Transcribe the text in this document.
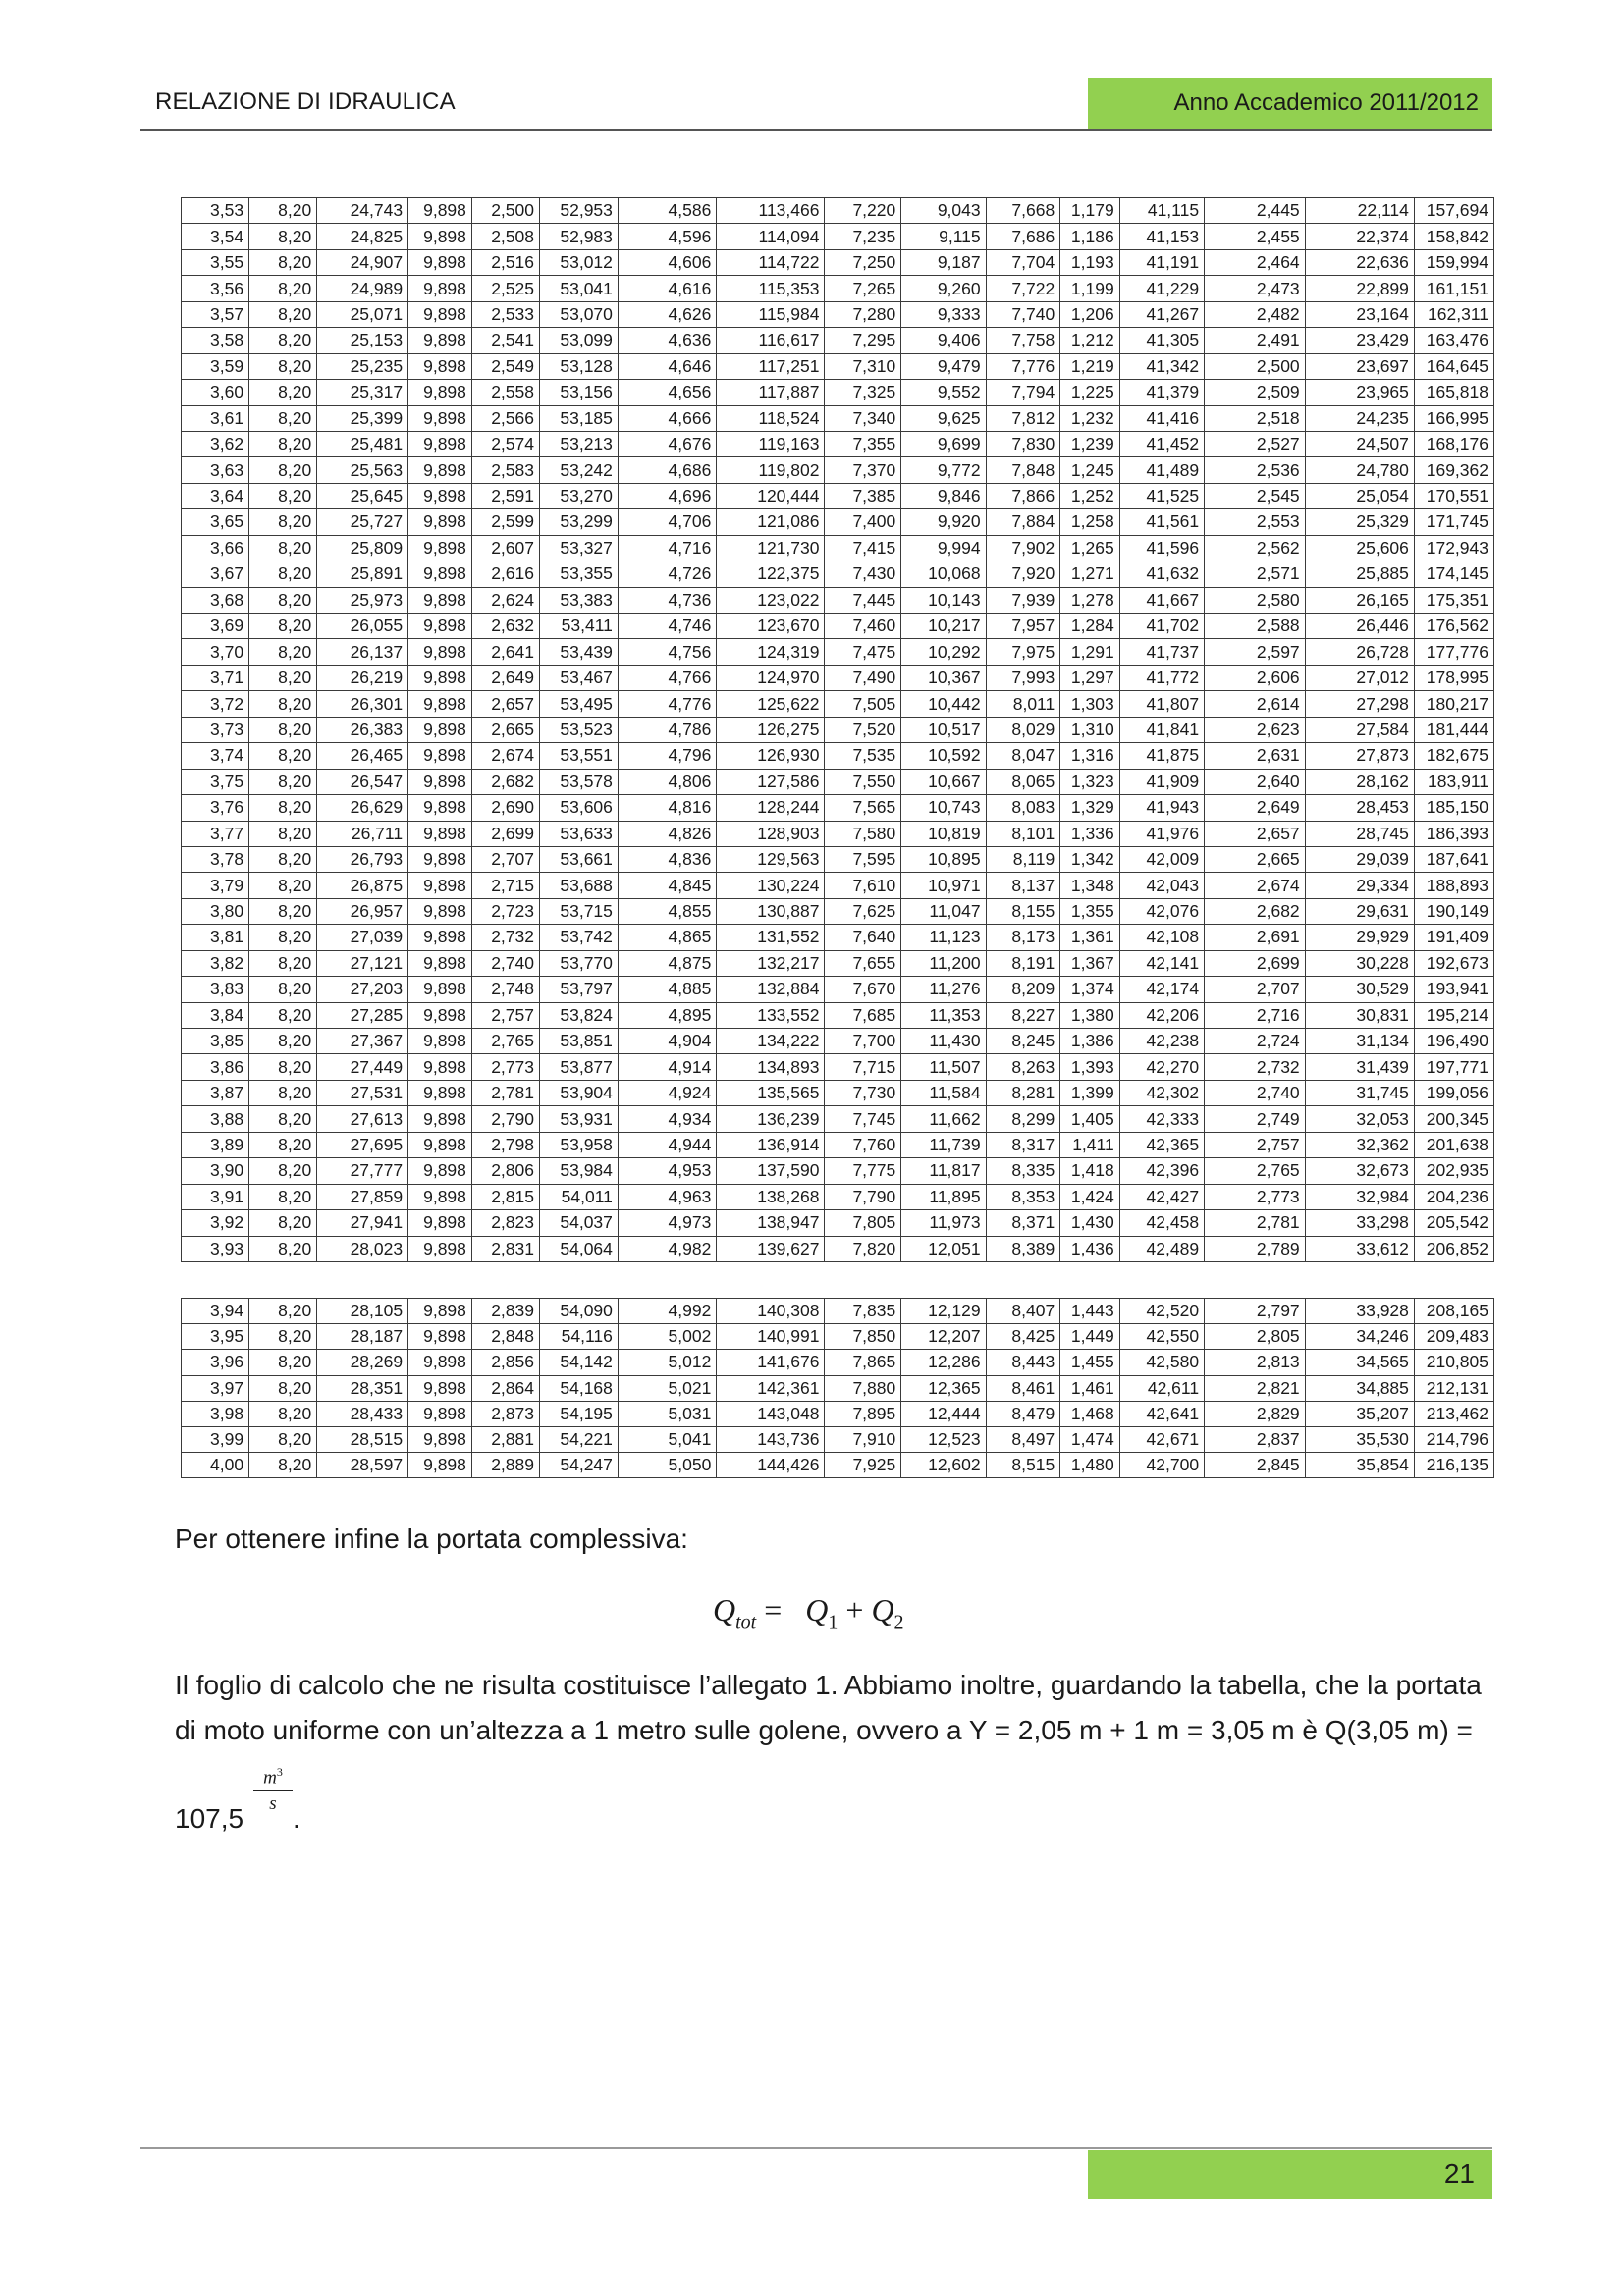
RELAZIONE DI IDRAULICA	Anno Accademico 2011/2012
3,53	8,20	24,743	9,898	2,500	52,953	4,586	113,466	7,220	9,043	7,668	1,179	41,115	2,445	22,114	157,694
3,54	8,20	24,825	9,898	2,508	52,983	4,596	114,094	7,235	9,115	7,686	1,186	41,153	2,455	22,374	158,842
3,55	8,20	24,907	9,898	2,516	53,012	4,606	114,722	7,250	9,187	7,704	1,193	41,191	2,464	22,636	159,994
3,56	8,20	24,989	9,898	2,525	53,041	4,616	115,353	7,265	9,260	7,722	1,199	41,229	2,473	22,899	161,151
3,57	8,20	25,071	9,898	2,533	53,070	4,626	115,984	7,280	9,333	7,740	1,206	41,267	2,482	23,164	162,311
3,58	8,20	25,153	9,898	2,541	53,099	4,636	116,617	7,295	9,406	7,758	1,212	41,305	2,491	23,429	163,476
3,59	8,20	25,235	9,898	2,549	53,128	4,646	117,251	7,310	9,479	7,776	1,219	41,342	2,500	23,697	164,645
3,60	8,20	25,317	9,898	2,558	53,156	4,656	117,887	7,325	9,552	7,794	1,225	41,379	2,509	23,965	165,818
3,61	8,20	25,399	9,898	2,566	53,185	4,666	118,524	7,340	9,625	7,812	1,232	41,416	2,518	24,235	166,995
3,62	8,20	25,481	9,898	2,574	53,213	4,676	119,163	7,355	9,699	7,830	1,239	41,452	2,527	24,507	168,176
3,63	8,20	25,563	9,898	2,583	53,242	4,686	119,802	7,370	9,772	7,848	1,245	41,489	2,536	24,780	169,362
3,64	8,20	25,645	9,898	2,591	53,270	4,696	120,444	7,385	9,846	7,866	1,252	41,525	2,545	25,054	170,551
3,65	8,20	25,727	9,898	2,599	53,299	4,706	121,086	7,400	9,920	7,884	1,258	41,561	2,553	25,329	171,745
3,66	8,20	25,809	9,898	2,607	53,327	4,716	121,730	7,415	9,994	7,902	1,265	41,596	2,562	25,606	172,943
3,67	8,20	25,891	9,898	2,616	53,355	4,726	122,375	7,430	10,068	7,920	1,271	41,632	2,571	25,885	174,145
3,68	8,20	25,973	9,898	2,624	53,383	4,736	123,022	7,445	10,143	7,939	1,278	41,667	2,580	26,165	175,351
3,69	8,20	26,055	9,898	2,632	53,411	4,746	123,670	7,460	10,217	7,957	1,284	41,702	2,588	26,446	176,562
3,70	8,20	26,137	9,898	2,641	53,439	4,756	124,319	7,475	10,292	7,975	1,291	41,737	2,597	26,728	177,776
3,71	8,20	26,219	9,898	2,649	53,467	4,766	124,970	7,490	10,367	7,993	1,297	41,772	2,606	27,012	178,995
3,72	8,20	26,301	9,898	2,657	53,495	4,776	125,622	7,505	10,442	8,011	1,303	41,807	2,614	27,298	180,217
3,73	8,20	26,383	9,898	2,665	53,523	4,786	126,275	7,520	10,517	8,029	1,310	41,841	2,623	27,584	181,444
3,74	8,20	26,465	9,898	2,674	53,551	4,796	126,930	7,535	10,592	8,047	1,316	41,875	2,631	27,873	182,675
3,75	8,20	26,547	9,898	2,682	53,578	4,806	127,586	7,550	10,667	8,065	1,323	41,909	2,640	28,162	183,911
3,76	8,20	26,629	9,898	2,690	53,606	4,816	128,244	7,565	10,743	8,083	1,329	41,943	2,649	28,453	185,150
3,77	8,20	26,711	9,898	2,699	53,633	4,826	128,903	7,580	10,819	8,101	1,336	41,976	2,657	28,745	186,393
3,78	8,20	26,793	9,898	2,707	53,661	4,836	129,563	7,595	10,895	8,119	1,342	42,009	2,665	29,039	187,641
3,79	8,20	26,875	9,898	2,715	53,688	4,845	130,224	7,610	10,971	8,137	1,348	42,043	2,674	29,334	188,893
3,80	8,20	26,957	9,898	2,723	53,715	4,855	130,887	7,625	11,047	8,155	1,355	42,076	2,682	29,631	190,149
3,81	8,20	27,039	9,898	2,732	53,742	4,865	131,552	7,640	11,123	8,173	1,361	42,108	2,691	29,929	191,409
3,82	8,20	27,121	9,898	2,740	53,770	4,875	132,217	7,655	11,200	8,191	1,367	42,141	2,699	30,228	192,673
3,83	8,20	27,203	9,898	2,748	53,797	4,885	132,884	7,670	11,276	8,209	1,374	42,174	2,707	30,529	193,941
3,84	8,20	27,285	9,898	2,757	53,824	4,895	133,552	7,685	11,353	8,227	1,380	42,206	2,716	30,831	195,214
3,85	8,20	27,367	9,898	2,765	53,851	4,904	134,222	7,700	11,430	8,245	1,386	42,238	2,724	31,134	196,490
3,86	8,20	27,449	9,898	2,773	53,877	4,914	134,893	7,715	11,507	8,263	1,393	42,270	2,732	31,439	197,771
3,87	8,20	27,531	9,898	2,781	53,904	4,924	135,565	7,730	11,584	8,281	1,399	42,302	2,740	31,745	199,056
3,88	8,20	27,613	9,898	2,790	53,931	4,934	136,239	7,745	11,662	8,299	1,405	42,333	2,749	32,053	200,345
3,89	8,20	27,695	9,898	2,798	53,958	4,944	136,914	7,760	11,739	8,317	1,411	42,365	2,757	32,362	201,638
3,90	8,20	27,777	9,898	2,806	53,984	4,953	137,590	7,775	11,817	8,335	1,418	42,396	2,765	32,673	202,935
3,91	8,20	27,859	9,898	2,815	54,011	4,963	138,268	7,790	11,895	8,353	1,424	42,427	2,773	32,984	204,236
3,92	8,20	27,941	9,898	2,823	54,037	4,973	138,947	7,805	11,973	8,371	1,430	42,458	2,781	33,298	205,542
3,93	8,20	28,023	9,898	2,831	54,064	4,982	139,627	7,820	12,051	8,389	1,436	42,489	2,789	33,612	206,852
3,94	8,20	28,105	9,898	2,839	54,090	4,992	140,308	7,835	12,129	8,407	1,443	42,520	2,797	33,928	208,165
3,95	8,20	28,187	9,898	2,848	54,116	5,002	140,991	7,850	12,207	8,425	1,449	42,550	2,805	34,246	209,483
3,96	8,20	28,269	9,898	2,856	54,142	5,012	141,676	7,865	12,286	8,443	1,455	42,580	2,813	34,565	210,805
3,97	8,20	28,351	9,898	2,864	54,168	5,021	142,361	7,880	12,365	8,461	1,461	42,611	2,821	34,885	212,131
3,98	8,20	28,433	9,898	2,873	54,195	5,031	143,048	7,895	12,444	8,479	1,468	42,641	2,829	35,207	213,462
3,99	8,20	28,515	9,898	2,881	54,221	5,041	143,736	7,910	12,523	8,497	1,474	42,671	2,837	35,530	214,796
4,00	8,20	28,597	9,898	2,889	54,247	5,050	144,426	7,925	12,602	8,515	1,480	42,700	2,845	35,854	216,135
Per ottenere infine la portata complessiva:
$Q_{tot} = Q_1 + Q_2$
Il foglio di calcolo che ne risulta costituisce l’allegato 1. Abbiamo inoltre, guardando la tabella, che la portata
di moto uniforme con un’altezza a 1 metro sulle golene, ovvero a Y = 2,05 m + 1 m = 3,05 m è Q(3,05 m) =
107,5
$\frac{m^3}{s}$
.
21
